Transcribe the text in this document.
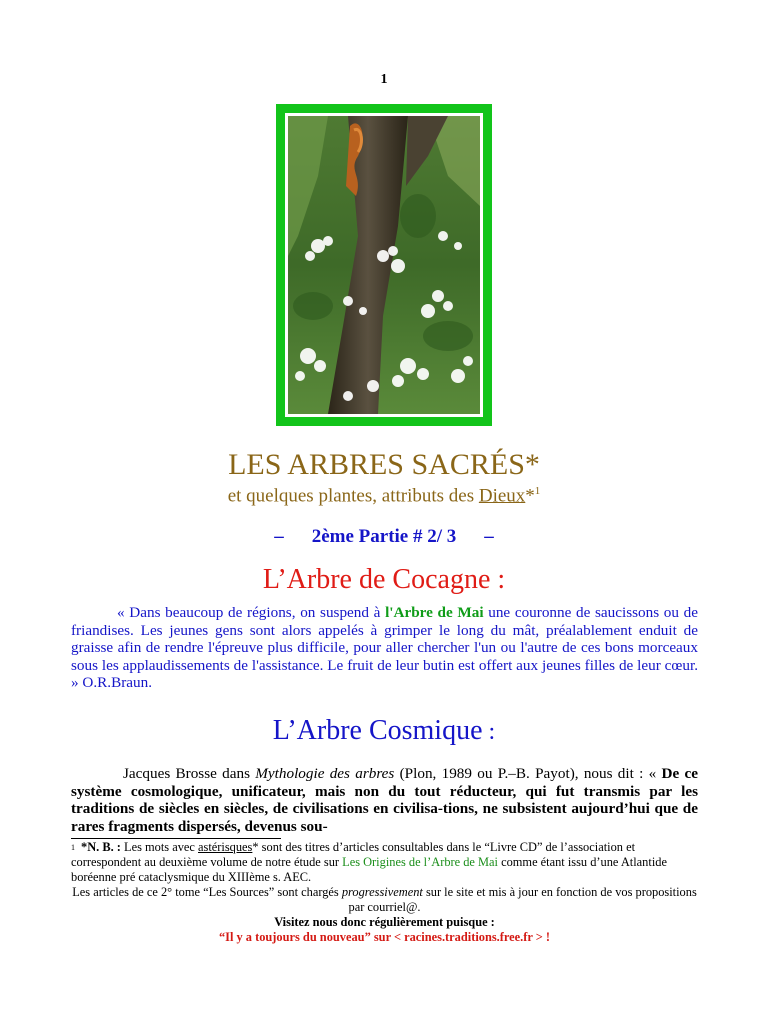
1
LES ARBRES SACRÉS*
et quelques plantes, attributs des Dieux*$^1$
– 2ème Partie # 2/ 3 –
L’Arbre de Cocagne :

« Dans beaucoup de régions, on suspend à l'Arbre de Mai une couronne de saucissons ou de friandises. Les jeunes gens sont alors appelés à grimper le long du mât, préalablement enduit de graisse afin de rendre l'épreuve plus difficile, pour aller chercher l'un ou l'autre de ces bons morceaux sous les applaudissements de l'assistance. Le fruit de leur butin est offert aux jeunes filles de leur cœur. » O.R.Braun.

L’Arbre Cosmique :

Jacques Brosse dans Mythologie des arbres (Plon, 1989 ou P.–B. Payot), nous dit : « De ce système cosmologique, unificateur, mais non du tout réducteur, qui fut transmis par les traditions de siècles en siècles, de civilisations en civilisa-tions, ne subsistent aujourd’hui que de rares fragments dispersés, devenus sou-

$^1$ *N. B. : Les mots avec astérisques* sont des titres d’articles consultables dans le “Livre CD” de l’association et correspondent au deuxième volume de notre étude sur Les Origines de l’Arbre de Mai comme étant issu d’une Atlantide boréenne pré cataclysmique du XIIIème s. AEC.

Les articles de ce 2° tome “Les Sources” sont chargés progressivement sur le site et mis à jour en fonction de vos propositions par courriel@.

Visitez nous donc régulièrement puisque :

“Il y a toujours du nouveau” sur < racines.traditions.free.fr > !
